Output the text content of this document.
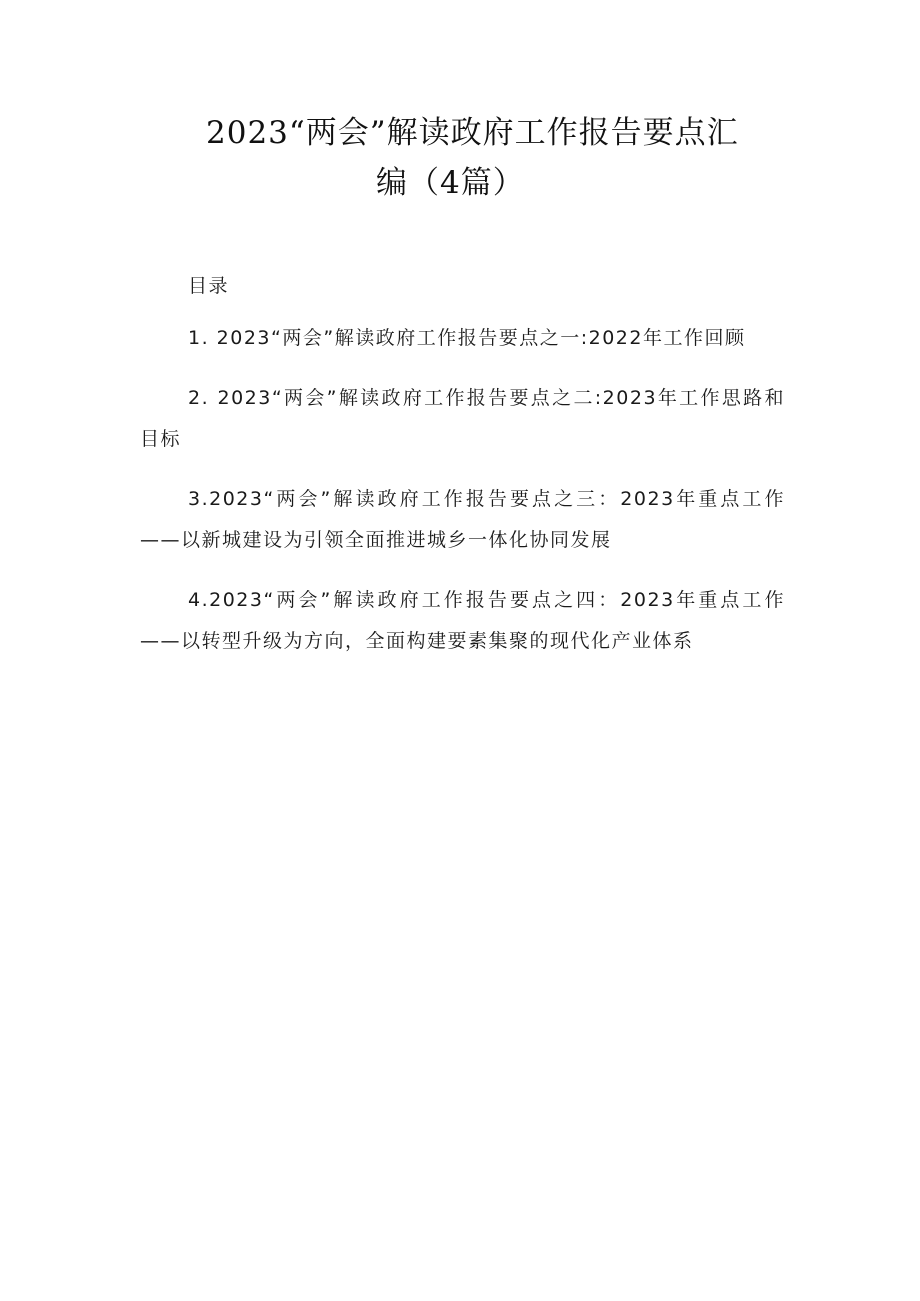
2023“两会”解读政府工作报告要点汇
编（4篇）
目录
1. 2023“两会”解读政府工作报告要点之一:2022年工作回顾
2. 2023“两会”解读政府工作报告要点之二:2023年工作思路和目标
3.2023“两会”解读政府工作报告要点之三：2023年重点工作——以新城建设为引领全面推进城乡一体化协同发展
4.2023“两会”解读政府工作报告要点之四：2023年重点工作——以转型升级为方向，全面构建要素集聚的现代化产业体系
